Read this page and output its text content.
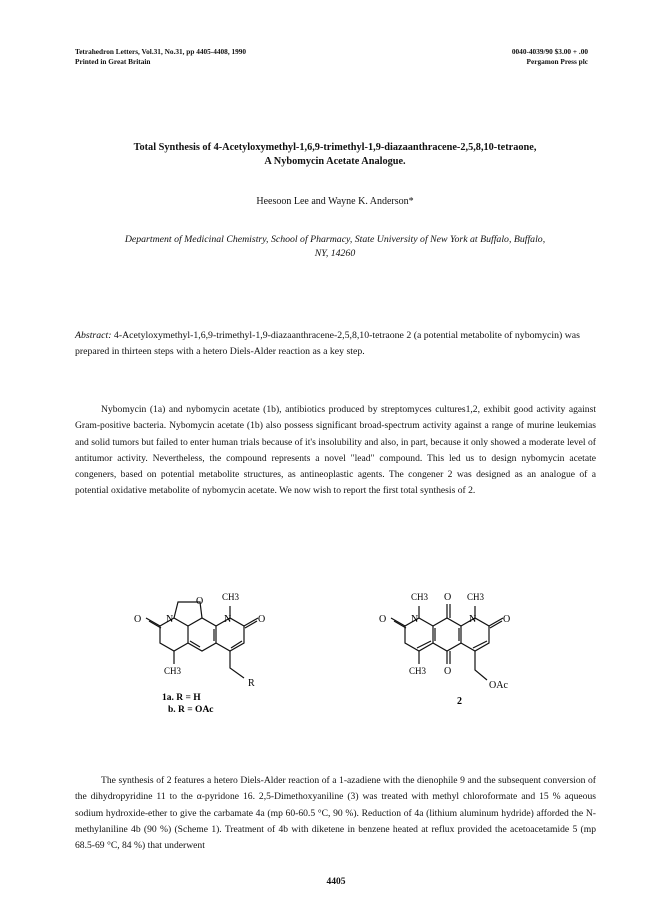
Tetrahedron Letters, Vol.31, No.31, pp 4405-4408, 1990
Printed in Great Britain
0040-4039/90 $3.00 + .00
Pergamon Press plc
Total Synthesis of 4-Acetyloxymethyl-1,6,9-trimethyl-1,9-diazaanthracene-2,5,8,10-tetraone,
A Nybomycin Acetate Analogue.
Heesoon Lee and Wayne K. Anderson*
Department of Medicinal Chemistry, School of Pharmacy, State University of New York at Buffalo, Buffalo,
NY, 14260
Abstract: 4-Acetyloxymethyl-1,6,9-trimethyl-1,9-diazaanthracene-2,5,8,10-tetraone 2 (a potential metabolite of nybomycin) was prepared in thirteen steps with a hetero Diels-Alder reaction as a key step.
Nybomycin (1a) and nybomycin acetate (1b), antibiotics produced by streptomyces cultures1,2, exhibit good activity against Gram-positive bacteria. Nybomycin acetate (1b) also possess significant broad-spectrum activity against a range of murine leukemias and solid tumors but failed to enter human trials because of it's insolubility and also, in part, because it only showed a moderate level of antitumor activity. Nevertheless, the compound represents a novel "lead" compound. This led us to design nybomycin acetate congeners, based on potential metabolite structures, as antineoplastic agents. The congener 2 was designed as an analogue of a potential oxidative metabolite of nybomycin acetate. We now wish to report the first total synthesis of 2.
O CH3
O N	N	O
CH3
R
1a. R = H
b. R = OAc
CH3 O CH3
O N	N	O
CH3 O
OAc
2
The synthesis of 2 features a hetero Diels-Alder reaction of a 1-azadiene with the dienophile 9 and the subsequent conversion of the dihydropyridine 11 to the α-pyridone 16. 2,5-Dimethoxyaniline (3) was treated with methyl chloroformate and 15 % aqueous sodium hydroxide-ether to give the carbamate 4a (mp 60-60.5 °C, 90 %). Reduction of 4a (lithium aluminum hydride) afforded the N-methylaniline 4b (90 %) (Scheme 1). Treatment of 4b with diketene in benzene heated at reflux provided the acetoacetamide 5 (mp 68.5-69 °C, 84 %) that underwent
4405
